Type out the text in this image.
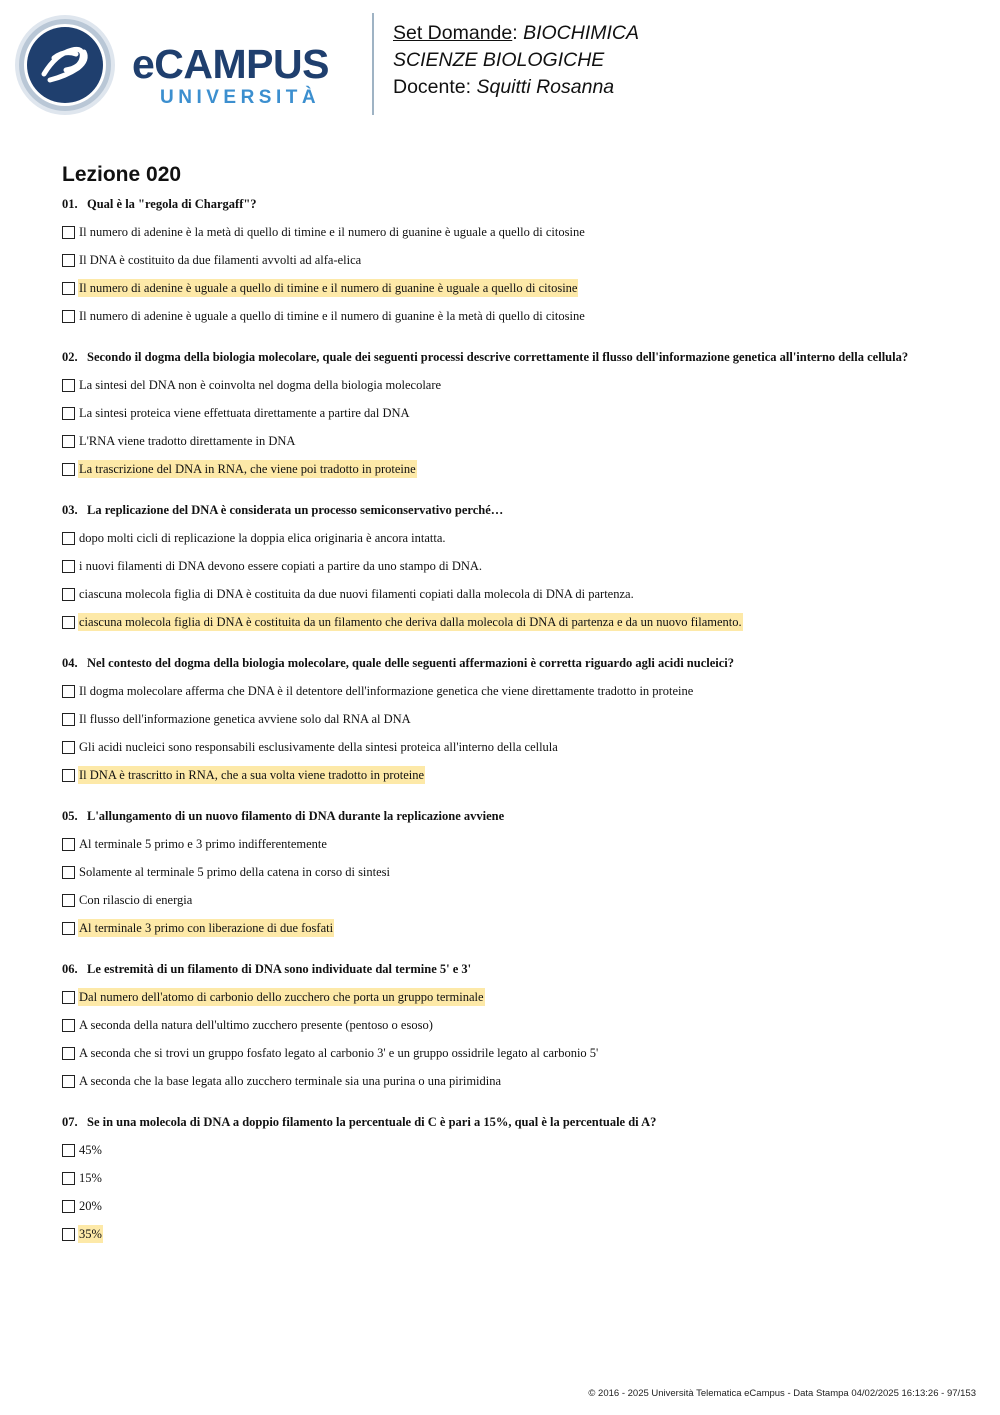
eCAMPUS
UNIVERSITÀ
Set Domande: BIOCHIMICA
SCIENZE BIOLOGICHE
Docente: Squitti Rosanna
Lezione 020
01. Qual è la "regola di Chargaff"?
Il numero di adenine è la metà di quello di timine e il numero di guanine è uguale a quello di citosine
Il DNA è costituito da due filamenti avvolti ad alfa-elica
Il numero di adenine è uguale a quello di timine e il numero di guanine è uguale a quello di citosine
Il numero di adenine è uguale a quello di timine e il numero di guanine è la metà di quello di citosine
02. Secondo il dogma della biologia molecolare, quale dei seguenti processi descrive correttamente il flusso dell'informazione genetica all'interno della cellula?
La sintesi del DNA non è coinvolta nel dogma della biologia molecolare
La sintesi proteica viene effettuata direttamente a partire dal DNA
L'RNA viene tradotto direttamente in DNA
La trascrizione del DNA in RNA, che viene poi tradotto in proteine
03. La replicazione del DNA è considerata un processo semiconservativo perché…
dopo molti cicli di replicazione la doppia elica originaria è ancora intatta.
i nuovi filamenti di DNA devono essere copiati a partire da uno stampo di DNA.
ciascuna molecola figlia di DNA è costituita da due nuovi filamenti copiati dalla molecola di DNA di partenza.
ciascuna molecola figlia di DNA è costituita da un filamento che deriva dalla molecola di DNA di partenza e da un nuovo filamento.
04. Nel contesto del dogma della biologia molecolare, quale delle seguenti affermazioni è corretta riguardo agli acidi nucleici?
Il dogma molecolare afferma che DNA è il detentore dell'informazione genetica che viene direttamente tradotto in proteine
Il flusso dell'informazione genetica avviene solo dal RNA al DNA
Gli acidi nucleici sono responsabili esclusivamente della sintesi proteica all'interno della cellula
Il DNA è trascritto in RNA, che a sua volta viene tradotto in proteine
05. L'allungamento di un nuovo filamento di DNA durante la replicazione avviene
Al terminale 5 primo e 3 primo indifferentemente
Solamente al terminale 5 primo della catena in corso di sintesi
Con rilascio di energia
Al terminale 3 primo con liberazione di due fosfati
06. Le estremità di un filamento di DNA sono individuate dal termine 5' e 3'
Dal numero dell'atomo di carbonio dello zucchero che porta un gruppo terminale
A seconda della natura dell'ultimo zucchero presente (pentoso o esoso)
A seconda che si trovi un gruppo fosfato legato al carbonio 3' e un gruppo ossidrile legato al carbonio 5'
A seconda che la base legata allo zucchero terminale sia una purina o una pirimidina
07. Se in una molecola di DNA a doppio filamento la percentuale di C è pari a 15%, qual è la percentuale di A?
45%
15%
20%
35%
© 2016 - 2025 Università Telematica eCampus - Data Stampa 04/02/2025 16:13:26 - 97/153
